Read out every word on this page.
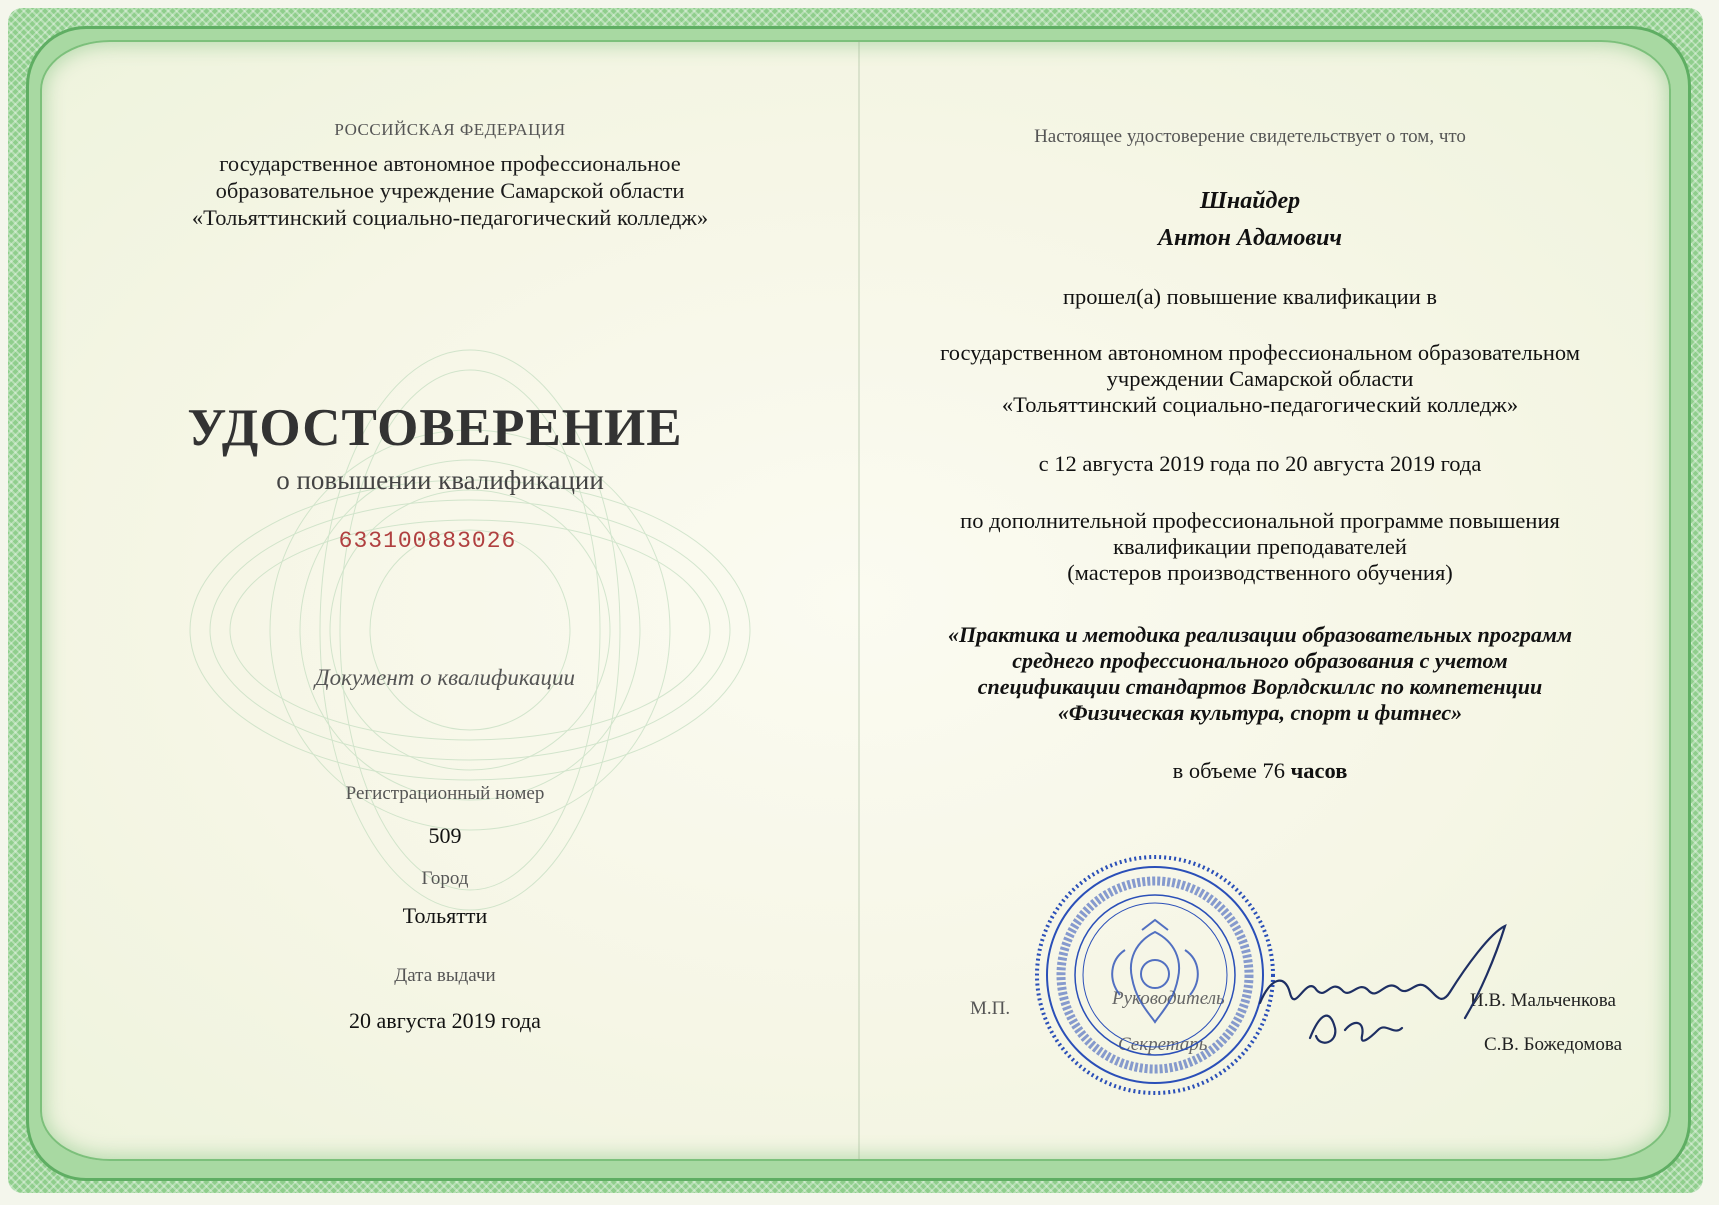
РОССИЙСКАЯ ФЕДЕРАЦИЯ
государственное автономное профессиональное
образовательное учреждение Самарской области
«Тольяттинский социально-педагогический колледж»
УДОСТОВЕРЕНИЕ
о повышении квалификации
633100883026
Документ о квалификации
Регистрационный номер
509
Город
Тольятти
Дата выдачи
20 августа 2019 года
Настоящее удостоверение свидетельствует о том, что
Шнайдер
Антон Адамович
прошел(а) повышение квалификации в
государственном автономном профессиональном образовательном
учреждении Самарской области
«Тольяттинский социально-педагогический колледж»
с 12 августа 2019 года по 20 августа 2019 года
по дополнительной профессиональной программе повышения
квалификации преподавателей
(мастеров производственного обучения)
«Практика и методика реализации образовательных программ
среднего профессионального образования с учетом
спецификации стандартов Ворлдскиллс по компетенции
«Физическая культура, спорт и фитнес»
в объеме 76 часов
М.П.	Руководитель	И.В. Мальченкова
Секретарь	С.В. Божедомова
